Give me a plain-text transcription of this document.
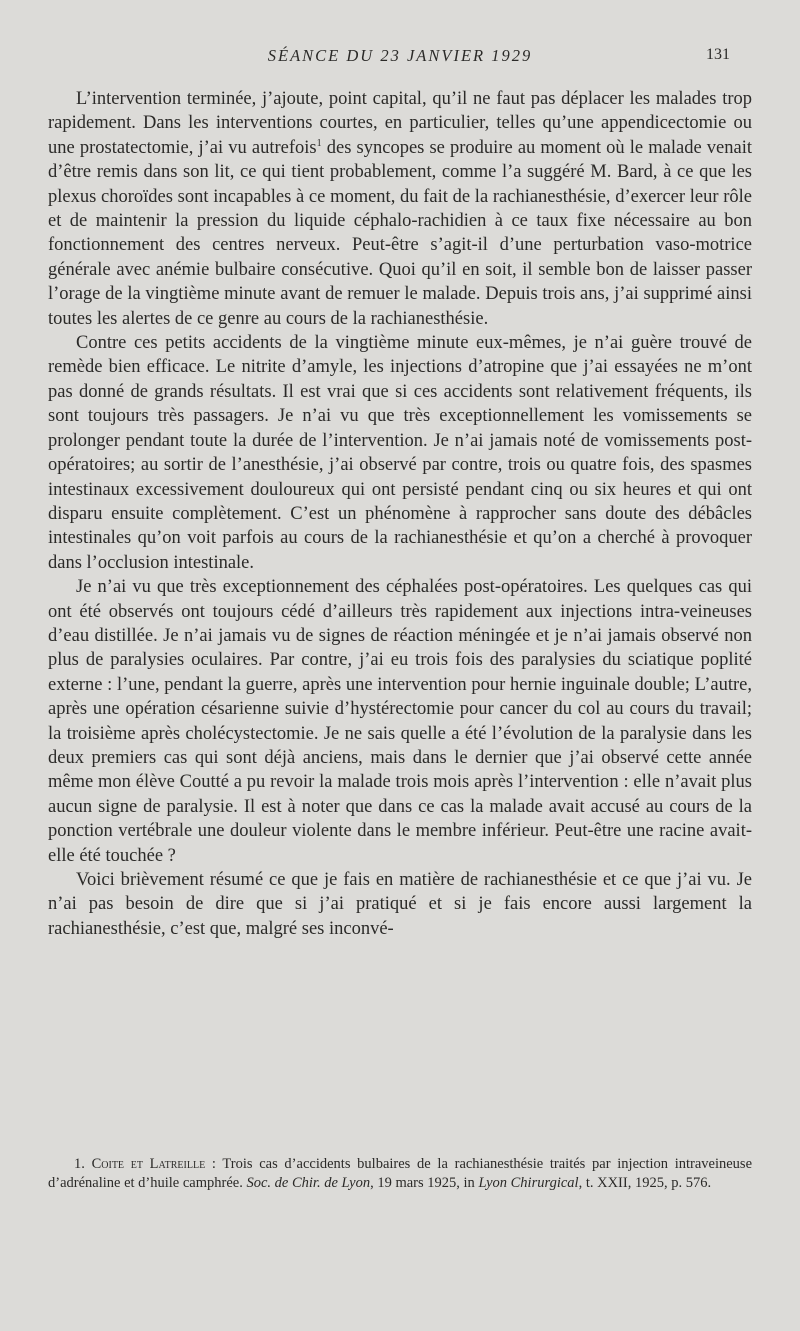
SÉANCE DU 23 JANVIER 1929	131

L’intervention terminée, j’ajoute, point capital, qu’il ne faut pas déplacer les malades trop rapidement. Dans les interventions courtes, en particulier, telles qu’une appendicectomie ou une prostatectomie, j’ai vu autrefois$^1$ des syncopes se produire au moment où le malade venait d’être remis dans son lit, ce qui tient probablement, comme l’a suggéré M. Bard, à ce que les plexus choroïdes sont incapables à ce moment, du fait de la rachianesthésie, d’exercer leur rôle et de maintenir la pression du liquide céphalo-rachidien à ce taux fixe nécessaire au bon fonctionnement des centres nerveux. Peut-être s’agit-il d’une perturbation vaso-motrice générale avec anémie bulbaire consécutive. Quoi qu’il en soit, il semble bon de laisser passer l’orage de la vingtième minute avant de remuer le malade. Depuis trois ans, j’ai supprimé ainsi toutes les alertes de ce genre au cours de la rachianesthésie.

Contre ces petits accidents de la vingtième minute eux-mêmes, je n’ai guère trouvé de remède bien efficace. Le nitrite d’amyle, les injections d’atropine que j’ai essayées ne m’ont pas donné de grands résultats. Il est vrai que si ces accidents sont relativement fréquents, ils sont toujours très passagers. Je n’ai vu que très exceptionnellement les vomissements se prolonger pendant toute la durée de l’intervention. Je n’ai jamais noté de vomissements post-opératoires; au sortir de l’anesthésie, j’ai observé par contre, trois ou quatre fois, des spasmes intestinaux excessivement douloureux qui ont persisté pendant cinq ou six heures et qui ont disparu ensuite complètement. C’est un phénomène à rapprocher sans doute des débâcles intestinales qu’on voit parfois au cours de la rachianesthésie et qu’on a cherché à provoquer dans l’occlusion intestinale.

Je n’ai vu que très exceptionnement des céphalées post-opératoires. Les quelques cas qui ont été observés ont toujours cédé d’ailleurs très rapidement aux injections intra-veineuses d’eau distillée. Je n’ai jamais vu de signes de réaction méningée et je n’ai jamais observé non plus de paralysies oculaires. Par contre, j’ai eu trois fois des paralysies du sciatique poplité externe : l’une, pendant la guerre, après une intervention pour hernie inguinale double; L’autre, après une opération césarienne suivie d’hystérectomie pour cancer du col au cours du travail; la troisième après cholécystectomie. Je ne sais quelle a été l’évolution de la paralysie dans les deux premiers cas qui sont déjà anciens, mais dans le dernier que j’ai observé cette année même mon élève Coutté a pu revoir la malade trois mois après l’intervention : elle n’avait plus aucun signe de paralysie. Il est à noter que dans ce cas la malade avait accusé au cours de la ponction vertébrale une douleur violente dans le membre inférieur. Peut-être une racine avait-elle été touchée ?

Voici brièvement résumé ce que je fais en matière de rachianesthésie et ce que j’ai vu. Je n’ai pas besoin de dire que si j’ai pratiqué et si je fais encore aussi largement la rachianesthésie, c’est que, malgré ses inconvé-

1. Coite et Latreille : Trois cas d’accidents bulbaires de la rachianesthésie traités par injection intraveineuse d’adrénaline et d’huile camphrée. Soc. de Chir. de Lyon, 19 mars 1925, in Lyon Chirurgical, t. XXII, 1925, p. 576.
